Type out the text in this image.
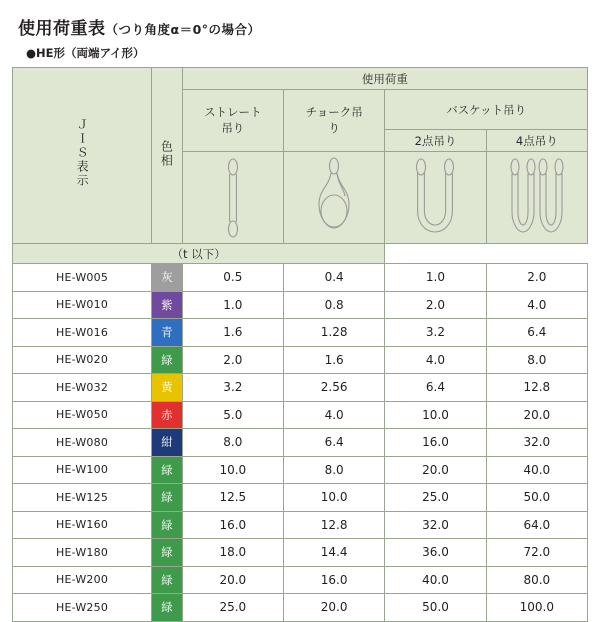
使用荷重表（つり角度α＝0°の場合）
●HE形（両端アイ形）
ＪＩＳ表示	色相	使用荷重			
		ストレート吊り	チョーク吊り	バスケット吊り	
				2点吊り	4点吊り

（t 以下）					
HE-W005	灰	0.5	0.4	1.0	2.0
HE-W010	紫	1.0	0.8	2.0	4.0
HE-W016	青	1.6	1.28	3.2	6.4
HE-W020	緑	2.0	1.6	4.0	8.0
HE-W032	黄	3.2	2.56	6.4	12.8
HE-W050	赤	5.0	4.0	10.0	20.0
HE-W080	紺	8.0	6.4	16.0	32.0
HE-W100	緑	10.0	8.0	20.0	40.0
HE-W125	緑	12.5	10.0	25.0	50.0
HE-W160	緑	16.0	12.8	32.0	64.0
HE-W180	緑	18.0	14.4	36.0	72.0
HE-W200	緑	20.0	16.0	40.0	80.0
HE-W250	緑	25.0	20.0	50.0	100.0
